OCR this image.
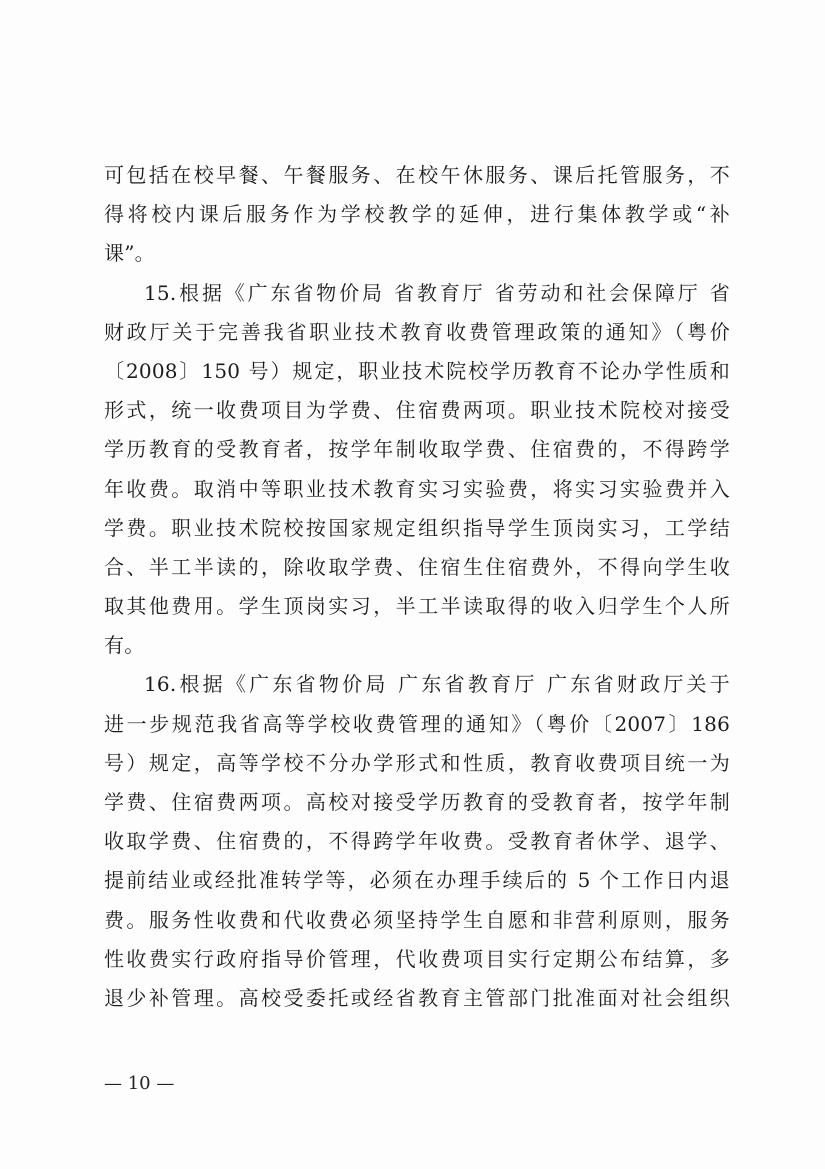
可包括在校早餐、午餐服务、在校午休服务、课后托管服务，不
得将校内课后服务作为学校教学的延伸，进行集体教学或“补
课”。
15.根据《广东省物价局 省教育厅 省劳动和社会保障厅 省
财政厅关于完善我省职业技术教育收费管理政策的通知》（粤价
〔2008〕150 号）规定，职业技术院校学历教育不论办学性质和
形式，统一收费项目为学费、住宿费两项。职业技术院校对接受
学历教育的受教育者，按学年制收取学费、住宿费的，不得跨学
年收费。取消中等职业技术教育实习实验费，将实习实验费并入
学费。职业技术院校按国家规定组织指导学生顶岗实习，工学结
合、半工半读的，除收取学费、住宿生住宿费外，不得向学生收
取其他费用。学生顶岗实习，半工半读取得的收入归学生个人所
有。
16.根据《广东省物价局 广东省教育厅 广东省财政厅关于
进一步规范我省高等学校收费管理的通知》（粤价〔2007〕186
号）规定，高等学校不分办学形式和性质，教育收费项目统一为
学费、住宿费两项。高校对接受学历教育的受教育者，按学年制
收取学费、住宿费的，不得跨学年收费。受教育者休学、退学、
提前结业或经批准转学等，必须在办理手续后的 5 个工作日内退
费。服务性收费和代收费必须坚持学生自愿和非营利原则，服务
性收费实行政府指导价管理，代收费项目实行定期公布结算，多
退少补管理。高校受委托或经省教育主管部门批准面对社会组织
— 10 —
